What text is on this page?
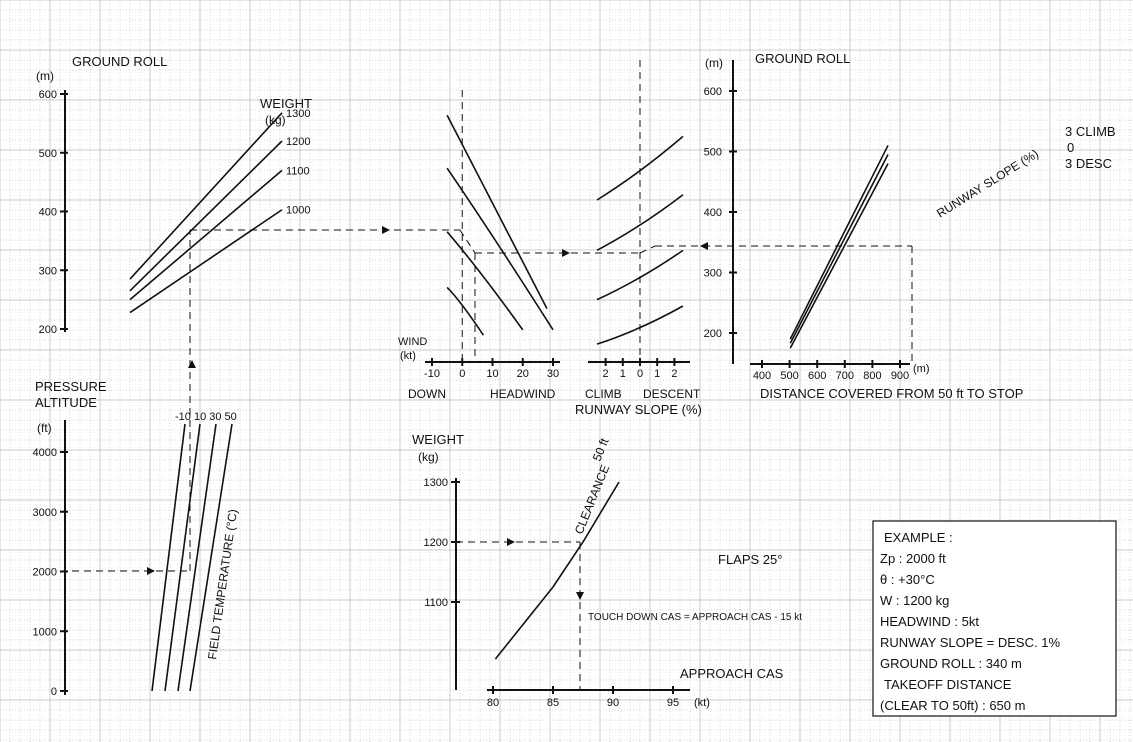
200
300
400
500
600
GROUND ROLL
(m)
WEIGHT
(kg) 1300
1200
1100
1000
-10 0 10 20 30
WIND
(kt)
DOWN	HEADWIND
2 1 0 1 2
CLIMB DESCENT
RUNWAY SLOPE (%)
200
300
400
500
600
400 500 600 700 800 900
GROUND ROLL
(m)
(m)
DISTANCE COVERED FROM 50 ft TO STOP
3 CLIMB
0
3 DESC
RUNWAY SLOPE (%)
0
1000
2000
3000
4000
PRESSURE
ALTITUDE
(ft)
-10 10 30 50
FIELD TEMPERATURE (°C)	1100
1200
1300
80	85	90	95
WEIGHT
(kg)
APPROACH CAS
(kt)
FLAPS 25°
TOUCH DOWN CAS = APPROACH CAS - 15 kt
50 ft
CLEARANCE
EXAMPLE :
Zp : 2000 ft
θ : +30°C
W : 1200 kg
HEADWIND : 5kt
RUNWAY SLOPE = DESC. 1%
GROUND ROLL : 340 m
TAKEOFF DISTANCE
(CLEAR TO 50ft) : 650 m
